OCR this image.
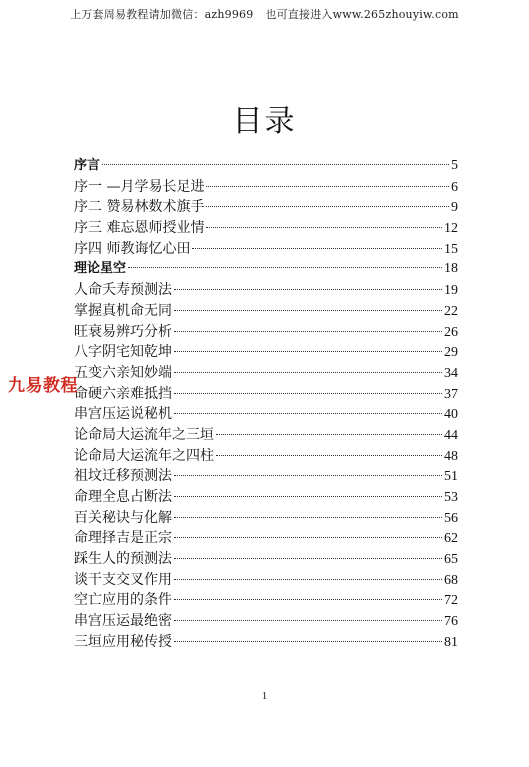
上万套周易教程请加微信：azh9969 也可直接进入www.265zhouyiw.com
目录
序言	5
序一 —月学易长足进	6
序二 赞易林数术旗手	9
序三 难忘恩师授业情	12
序四 师教诲忆心田	15
理论星空	18
人命夭寿预测法	19
掌握真机命无同	22
旺衰易辨巧分析	26
八字阴宅知乾坤	29
五变六亲知妙端	34
命硬六亲难抵挡	37
串宫压运说秘机	40
论命局大运流年之三垣	44
论命局大运流年之四柱	48
祖坟迁移预测法	51
命理全息占断法	53
百关秘诀与化解	56
命理择吉是正宗	62
踩生人的预测法	65
谈干支交叉作用	68
空亡应用的条件	72
串宫压运最绝密	76
三垣应用秘传授	81
九易教程
1
